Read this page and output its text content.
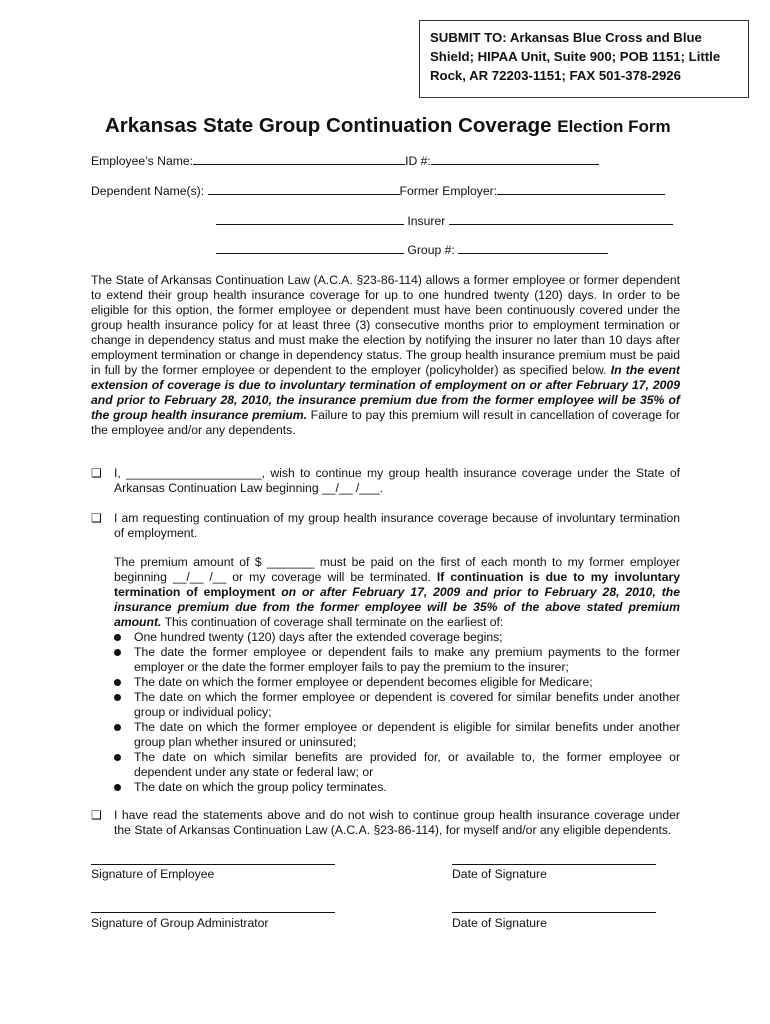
SUBMIT TO: Arkansas Blue Cross and Blue Shield; HIPAA Unit, Suite 900; POB 1151; Little Rock, AR 72203-1151; FAX 501-378-2926
Arkansas State Group Continuation Coverage Election Form
Employee’s Name:	ID #:
Dependent Name(s):	Former Employer:
Insurer
Group #:

The State of Arkansas Continuation Law (A.C.A. §23-86-114) allows a former employee or former dependent to extend their group health insurance coverage for up to one hundred twenty (120) days. In order to be eligible for this option, the former employee or dependent must have been continuously covered under the group health insurance policy for at least three (3) consecutive months prior to employment termination or change in dependency status and must make the election by notifying the insurer no later than 10 days after employment termination or change in dependency status. The group health insurance premium must be paid in full by the former employee or dependent to the employer (policyholder) as specified below. In the event extension of coverage is due to involuntary termination of employment on or after February 17, 2009 and prior to February 28, 2010, the insurance premium due from the former employee will be 35% of the group health insurance premium. Failure to pay this premium will result in cancellation of coverage for the employee and/or any dependents.

❑ I, ____________________, wish to continue my group health insurance coverage under the State of Arkansas Continuation Law beginning __/__ /___.

❑ I am requesting continuation of my group health insurance coverage because of involuntary termination of employment.

The premium amount of $ _______ must be paid on the first of each month to my former employer beginning __/__ /__ or my coverage will be terminated. If continuation is due to my involuntary termination of employment on or after February 17, 2009 and prior to February 28, 2010, the insurance premium due from the former employee will be 35% of the above stated premium amount. This continuation of coverage shall terminate on the earliest of:

One hundred twenty (120) days after the extended coverage begins;
The date the former employee or dependent fails to make any premium payments to the former employer or the date the former employer fails to pay the premium to the insurer;
The date on which the former employee or dependent becomes eligible for Medicare;
The date on which the former employee or dependent is covered for similar benefits under another group or individual policy;
The date on which the former employee or dependent is eligible for similar benefits under another group plan whether insured or uninsured;
The date on which similar benefits are provided for, or available to, the former employee or dependent under any state or federal law; or
The date on which the group policy terminates.
❑ I have read the statements above and do not wish to continue group health insurance coverage under the State of Arkansas Continuation Law (A.C.A. §23-86-114), for myself and/or any eligible dependents.

Signature of Employee	Date of Signature
Signature of Group Administrator	Date of Signature
